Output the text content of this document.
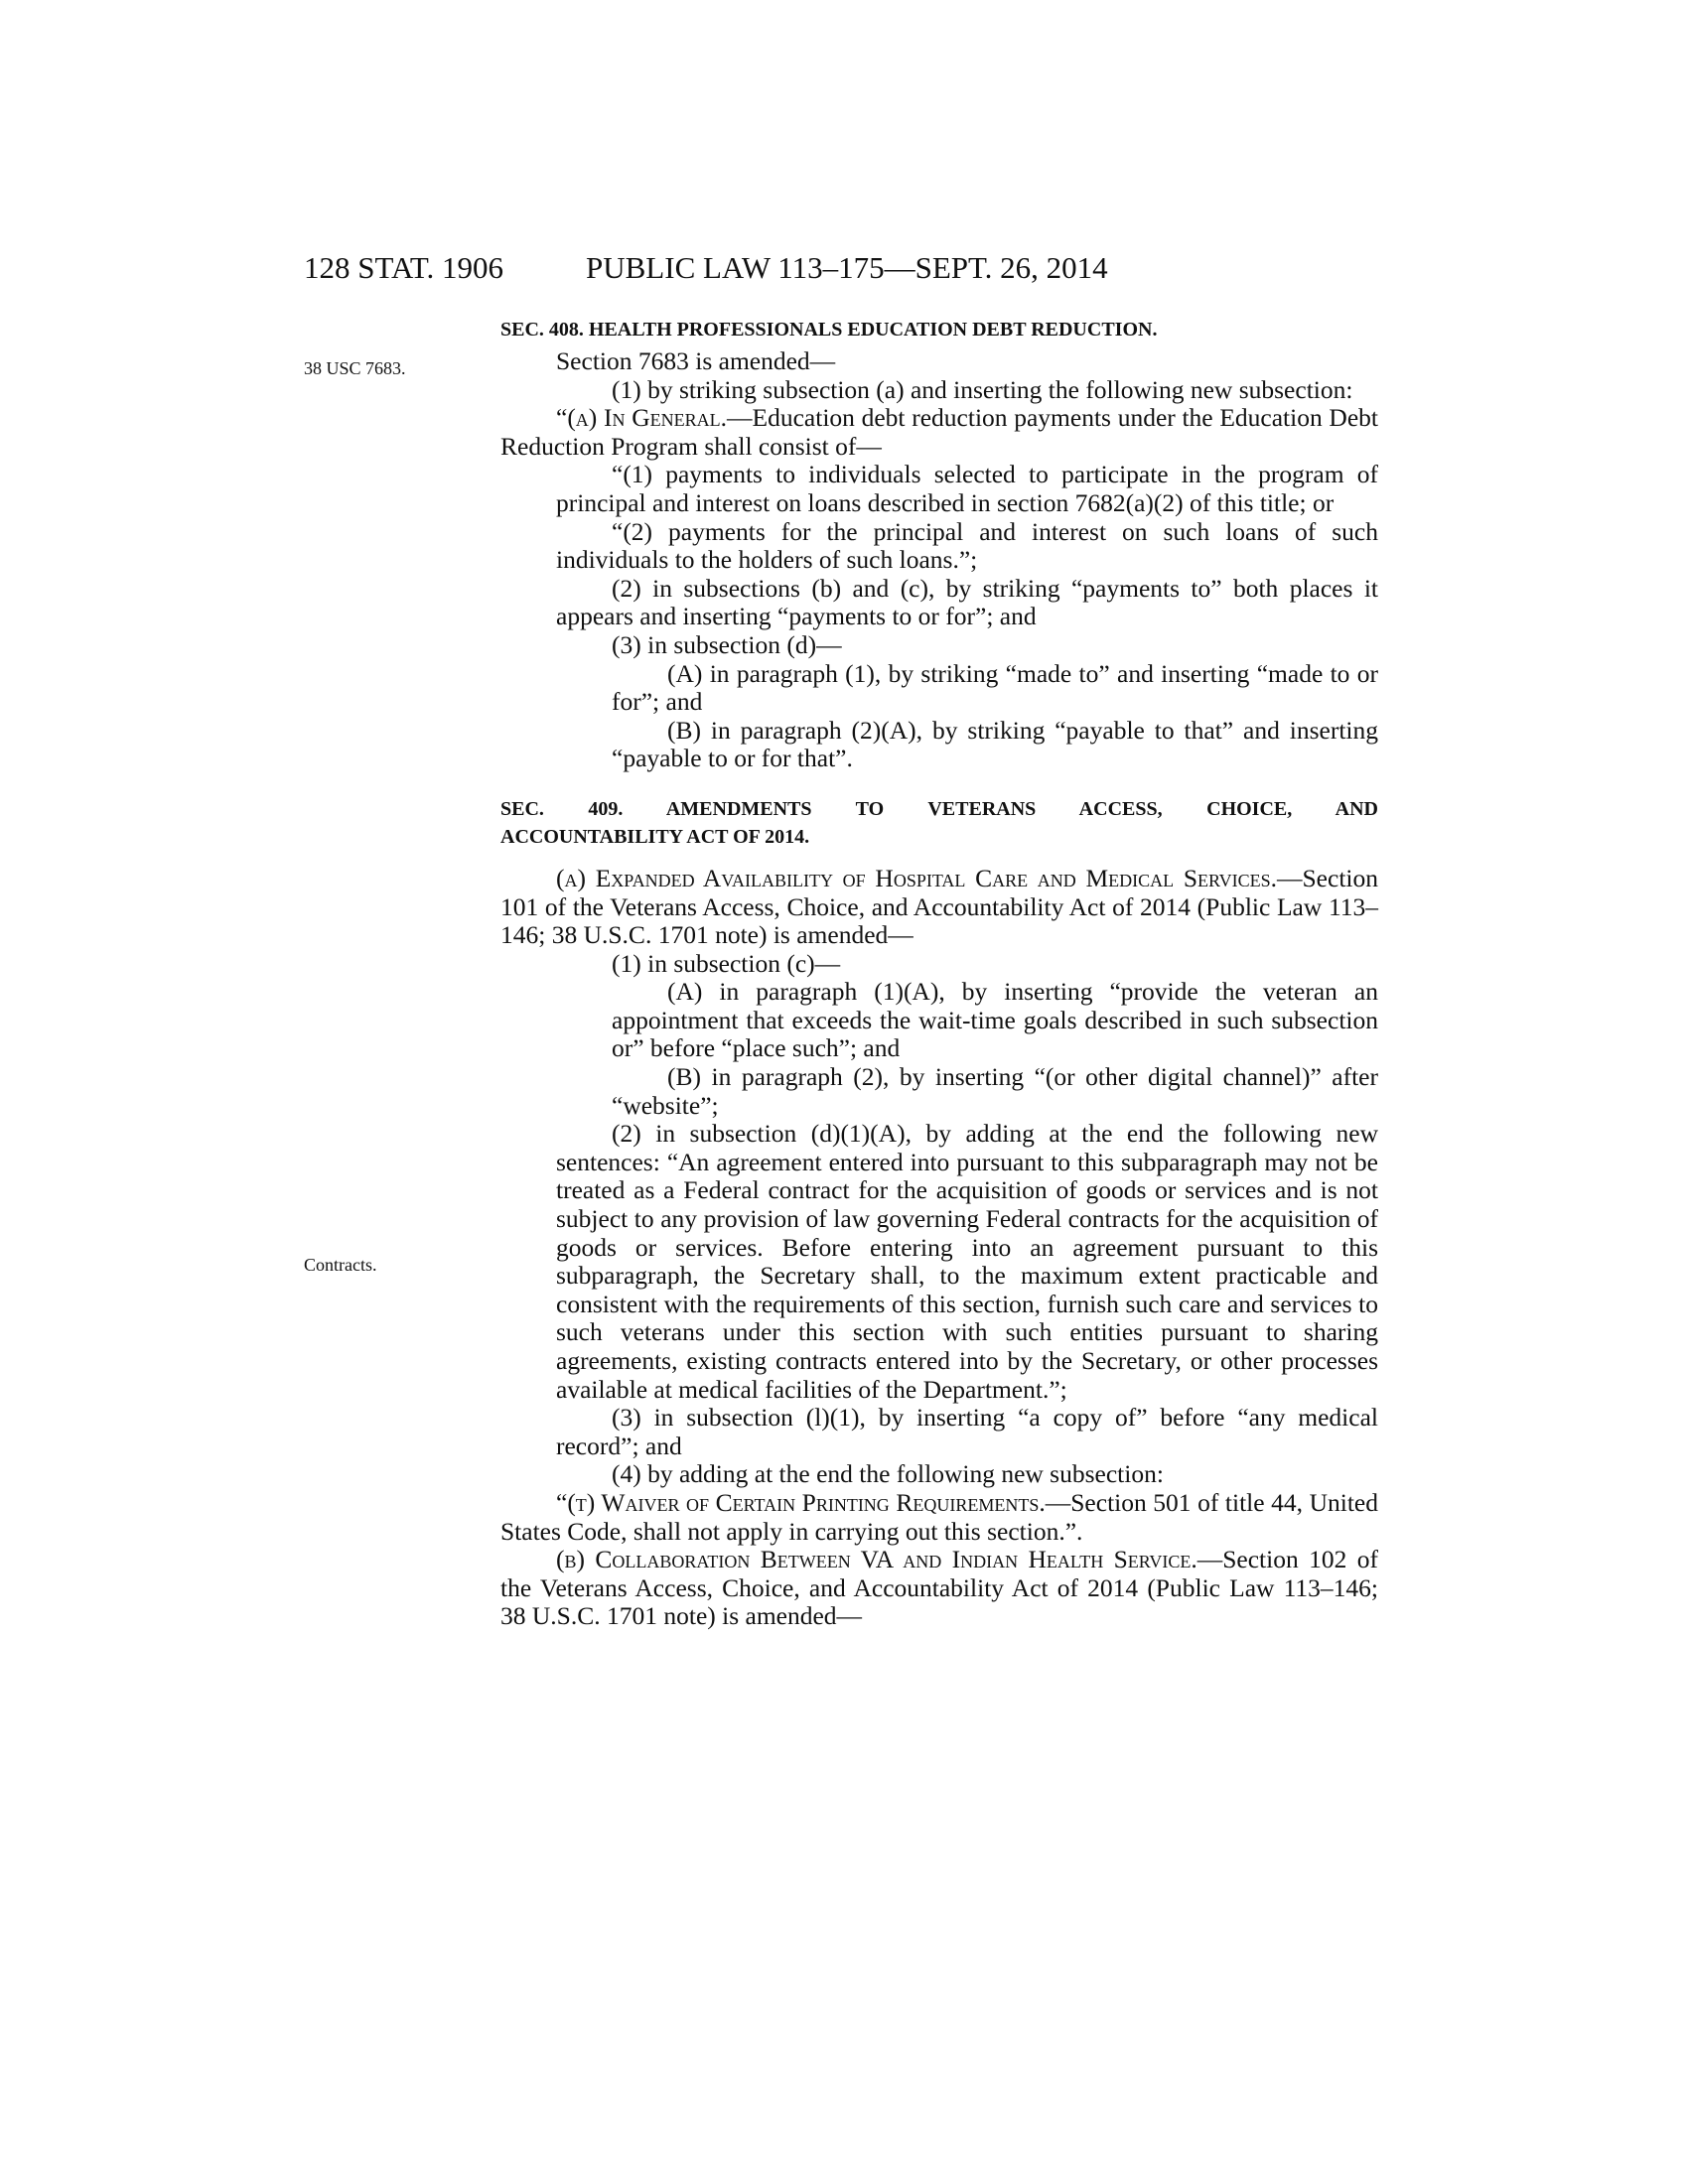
128 STAT. 1906	PUBLIC LAW 113–175—SEPT. 26, 2014
38 USC 7683.
Contracts.
SEC. 408. HEALTH PROFESSIONALS EDUCATION DEBT REDUCTION.

Section 7683 is amended—

(1) by striking subsection (a) and inserting the following new subsection:

“(a) In General.—Education debt reduction payments under the Education Debt Reduction Program shall consist of—

“(1) payments to individuals selected to participate in the program of principal and interest on loans described in section 7682(a)(2) of this title; or

“(2) payments for the principal and interest on such loans of such individuals to the holders of such loans.”;

(2) in subsections (b) and (c), by striking “payments to” both places it appears and inserting “payments to or for”; and

(3) in subsection (d)—

(A) in paragraph (1), by striking “made to” and inserting “made to or for”; and

(B) in paragraph (2)(A), by striking “payable to that” and inserting “payable to or for that”.

SEC. 409. AMENDMENTS TO VETERANS ACCESS, CHOICE, AND
ACCOUNTABILITY ACT OF 2014.

(a) Expanded Availability of Hospital Care and Medical Services.—Section 101 of the Veterans Access, Choice, and Accountability Act of 2014 (Public Law 113–146; 38 U.S.C. 1701 note) is amended—

(1) in subsection (c)—

(A) in paragraph (1)(A), by inserting “provide the veteran an appointment that exceeds the wait-time goals described in such subsection or” before “place such”; and

(B) in paragraph (2), by inserting “(or other digital channel)” after “website”;

(2) in subsection (d)(1)(A), by adding at the end the following new sentences: “An agreement entered into pursuant to this subparagraph may not be treated as a Federal contract for the acquisition of goods or services and is not subject to any provision of law governing Federal contracts for the acquisition of goods or services. Before entering into an agreement pursuant to this subparagraph, the Secretary shall, to the maximum extent practicable and consistent with the requirements of this section, furnish such care and services to such veterans under this section with such entities pursuant to sharing agreements, existing contracts entered into by the Secretary, or other processes available at medical facilities of the Department.”;

(3) in subsection (l)(1), by inserting “a copy of” before “any medical record”; and

(4) by adding at the end the following new subsection:

“(t) Waiver of Certain Printing Requirements.—Section 501 of title 44, United States Code, shall not apply in carrying out this section.”.

(b) Collaboration Between VA and Indian Health Service.—Section 102 of the Veterans Access, Choice, and Accountability Act of 2014 (Public Law 113–146; 38 U.S.C. 1701 note) is amended—
